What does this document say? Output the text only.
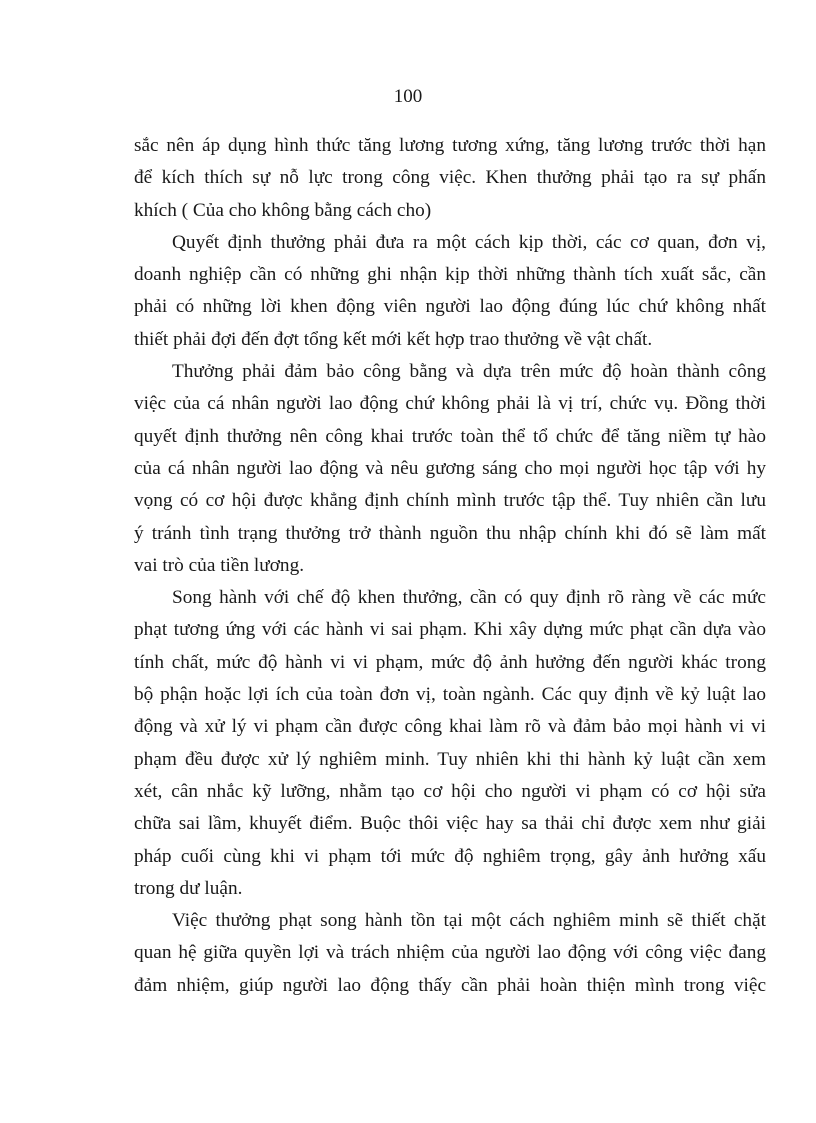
100
sắc nên áp dụng hình thức tăng lương tương xứng, tăng lương trước thời hạn
để kích thích sự nỗ lực trong công việc. Khen thưởng phải tạo ra sự phấn
khích ( Của cho không bằng cách cho)
Quyết định thưởng phải đưa ra một cách kịp thời, các cơ quan, đơn vị,
doanh nghiệp cần có những ghi nhận kịp thời những thành tích xuất sắc, cần
phải có những lời khen động viên người lao động đúng lúc chứ không nhất
thiết phải đợi đến đợt tổng kết mới kết hợp trao thưởng về vật chất.
Thưởng phải đảm bảo công bằng và dựa trên mức độ hoàn thành công
việc của cá nhân người lao động chứ không phải là vị trí, chức vụ. Đồng thời
quyết định thưởng nên công khai trước toàn thể tổ chức để tăng niềm tự hào
của cá nhân người lao động và nêu gương sáng cho mọi người học tập với hy
vọng có cơ hội được khẳng định chính mình trước tập thể. Tuy nhiên cần lưu
ý tránh tình trạng thưởng trở thành nguồn thu nhập chính khi đó sẽ làm mất
vai trò của tiền lương.
Song hành với chế độ khen thưởng, cần có quy định rõ ràng về các mức
phạt tương ứng với các hành vi sai phạm. Khi xây dựng mức phạt cần dựa vào
tính chất, mức độ hành vi vi phạm, mức độ ảnh hưởng đến người khác trong
bộ phận hoặc lợi ích của toàn đơn vị, toàn ngành. Các quy định về kỷ luật lao
động và xử lý vi phạm cần được công khai làm rõ và đảm bảo mọi hành vi vi
phạm đều được xử lý nghiêm minh. Tuy nhiên khi thi hành kỷ luật cần xem
xét, cân nhắc kỹ lưỡng, nhằm tạo cơ hội cho người vi phạm có cơ hội sửa
chữa sai lầm, khuyết điểm. Buộc thôi việc hay sa thải chỉ được xem như giải
pháp cuối cùng khi vi phạm tới mức độ nghiêm trọng, gây ảnh hưởng xấu
trong dư luận.
Việc thưởng phạt song hành tồn tại một cách nghiêm minh sẽ thiết chặt
quan hệ giữa quyền lợi và trách nhiệm của người lao động với công việc đang
đảm nhiệm, giúp người lao động thấy cần phải hoàn thiện mình trong việc
